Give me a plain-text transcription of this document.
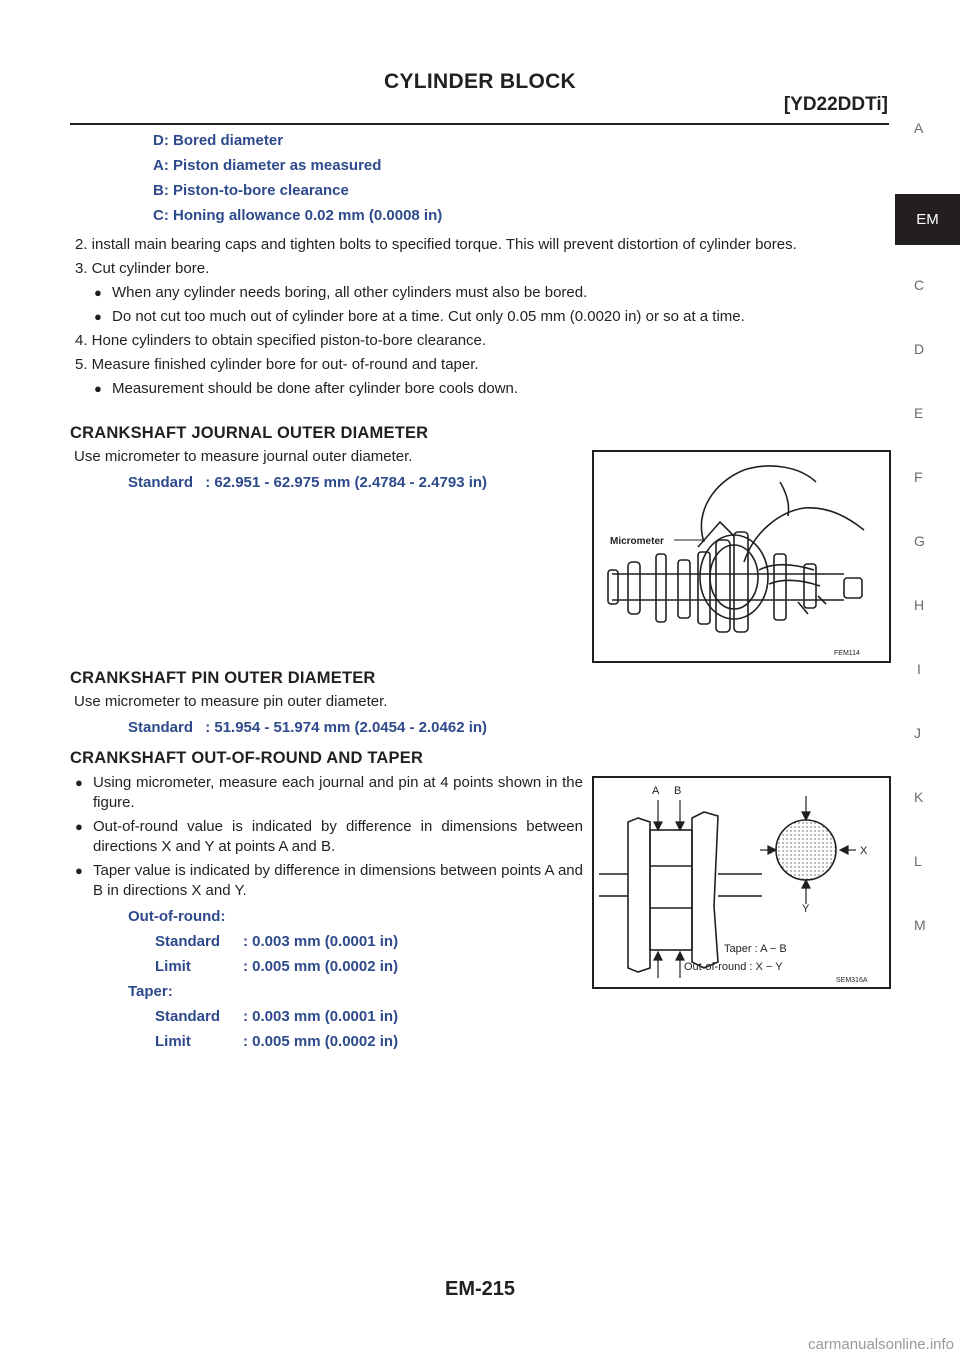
CYLINDER BLOCK
[YD22DDTi]
A
EM
C
D
E
F
G
H
I
J
K
L
M
D: Bored diameter
A: Piston diameter as measured
B: Piston-to-bore clearance
C: Honing allowance 0.02 mm (0.0008 in)
2. install main bearing caps and tighten bolts to specified torque. This will prevent distortion of cylinder bores.
3. Cut cylinder bore.
● When any cylinder needs boring, all other cylinders must also be bored.
● Do not cut too much out of cylinder bore at a time. Cut only 0.05 mm (0.0020 in) or so at a time.
4. Hone cylinders to obtain specified piston-to-bore clearance.
5. Measure finished cylinder bore for out- of-round and taper.
● Measurement should be done after cylinder bore cools down.
CRANKSHAFT JOURNAL OUTER DIAMETER
Use micrometer to measure journal outer diameter.
Standard : 62.951 - 62.975 mm (2.4784 - 2.4793 in)
Micrometer
FEM114
CRANKSHAFT PIN OUTER DIAMETER
Use micrometer to measure pin outer diameter.
Standard : 51.954 - 51.974 mm (2.0454 - 2.0462 in)
CRANKSHAFT OUT-OF-ROUND AND TAPER
● Using micrometer, measure each journal and pin at 4 points shown in the figure.
● Out-of-round value is indicated by difference in dimensions between directions X and Y at points A and B.
● Taper value is indicated by difference in dimensions between points A and B in directions X and Y.
Out-of-round:
Standard : 0.003 mm (0.0001 in)
Limit	: 0.005 mm (0.0002 in)
Taper:
Standard : 0.003 mm (0.0001 in)
Limit	: 0.005 mm (0.0002 in)
A B
X
Y
Taper : A − B
Out-of-round : X − Y
SEM316A
EM-215
carmanualsonline.info
